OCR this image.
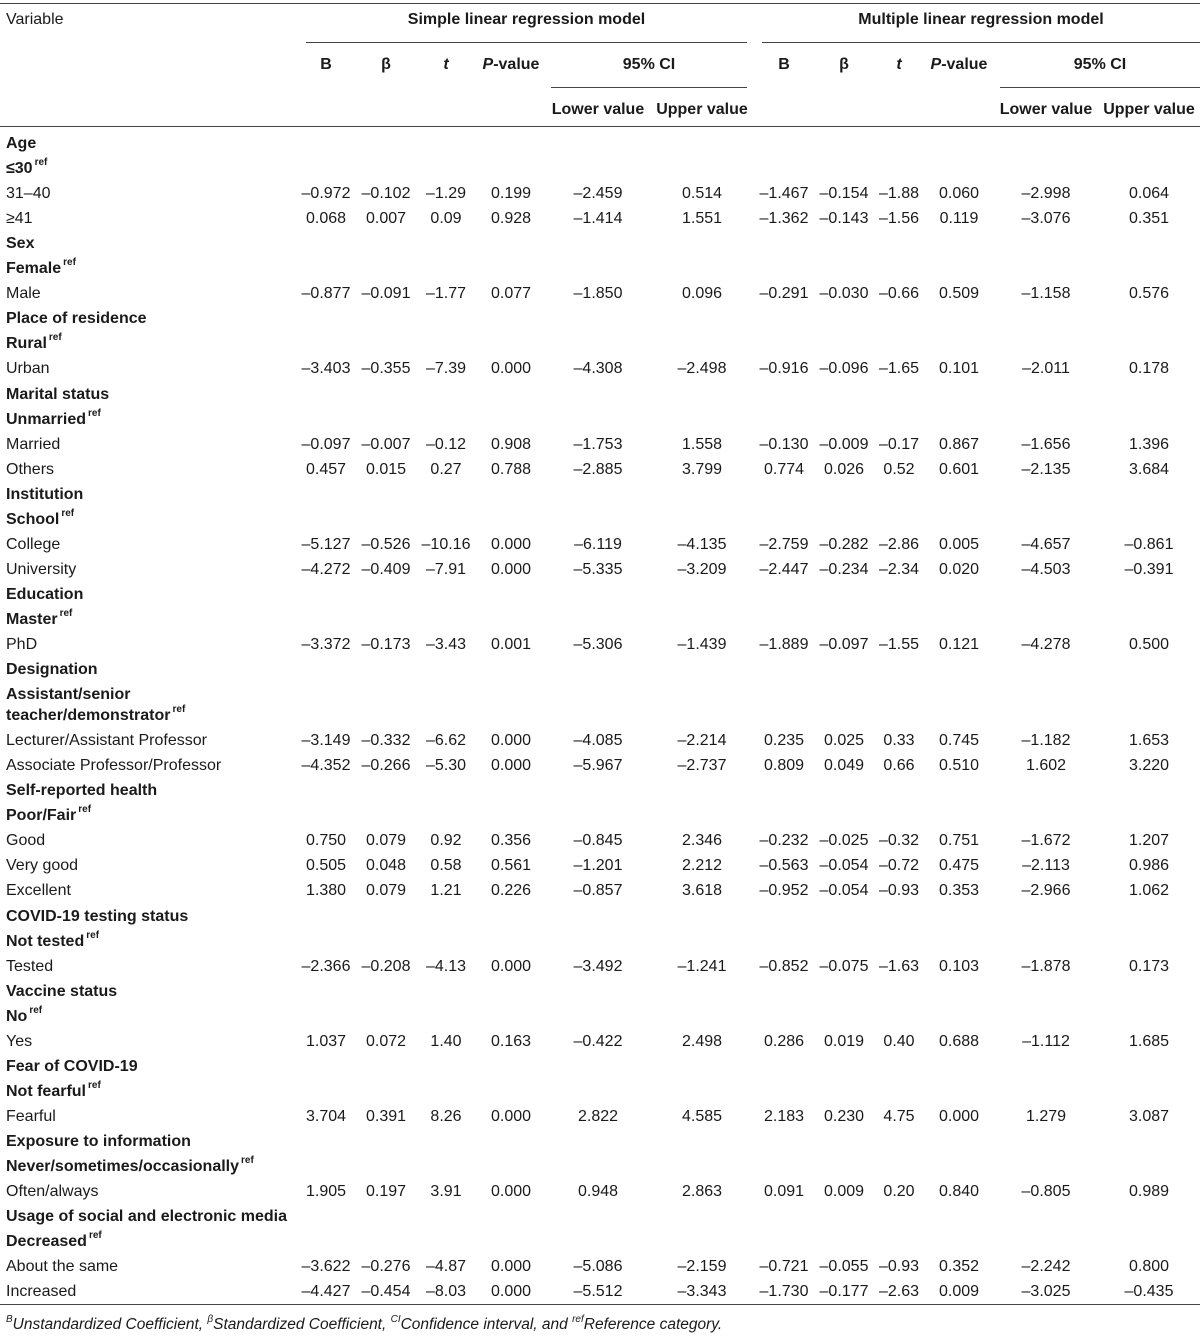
Variable	Simple linear regression model	Multiple linear regression model
B	β	t	P-value	95% CI
Lower value Upper value
B	β	t	P-value	95% CI
Lower value Upper value
Age
≤30 $^{ref}$
31–40	–0.972 –0.102 –1.29	0.199	–2.459	0.514	–1.467 –0.154 –1.88	0.060	–2.998	0.064
≥41	0.068	0.007	0.09	0.928	–1.414	1.551	–1.362 –0.143 –1.56	0.119	–3.076	0.351
Sex
Female $^{ref}$
Male	–0.877 –0.091 –1.77	0.077	–1.850	0.096	–0.291 –0.030 –0.66	0.509	–1.158	0.576
Place of residence
Rural $^{ref}$
Urban	–3.403 –0.355 –7.39	0.000	–4.308	–2.498	–0.916 –0.096 –1.65	0.101	–2.011	0.178
Marital status
Unmarried $^{ref}$
Married	–0.097 –0.007 –0.12	0.908	–1.753	1.558	–0.130 –0.009 –0.17	0.867	–1.656	1.396
Others	0.457	0.015	0.27	0.788	–2.885	3.799	0.774	0.026	0.52	0.601	–2.135	3.684
Institution
School $^{ref}$
College	–5.127 –0.526 –10.16	0.000	–6.119	–4.135	–2.759 –0.282 –2.86	0.005	–4.657	–0.861
University	–4.272 –0.409 –7.91	0.000	–5.335	–3.209	–2.447 –0.234 –2.34	0.020	–4.503	–0.391
Education
Master $^{ref}$
PhD	–3.372 –0.173 –3.43	0.001	–5.306	–1.439	–1.889 –0.097 –1.55	0.121	–4.278	0.500
Designation
Assistant/senior
teacher/demonstrator $^{ref}$
Lecturer/Assistant Professor	–3.149 –0.332 –6.62	0.000	–4.085	–2.214	0.235	0.025	0.33	0.745	–1.182	1.653
Associate Professor/Professor	–4.352 –0.266 –5.30	0.000	–5.967	–2.737	0.809	0.049	0.66	0.510	1.602	3.220
Self-reported health
Poor/Fair $^{ref}$
Good	0.750	0.079	0.92	0.356	–0.845	2.346	–0.232 –0.025 –0.32	0.751	–1.672	1.207
Very good	0.505	0.048	0.58	0.561	–1.201	2.212	–0.563 –0.054 –0.72	0.475	–2.113	0.986
Excellent	1.380	0.079	1.21	0.226	–0.857	3.618	–0.952 –0.054 –0.93	0.353	–2.966	1.062
COVID-19 testing status
Not tested $^{ref}$
Tested	–2.366 –0.208 –4.13	0.000	–3.492	–1.241	–0.852 –0.075 –1.63	0.103	–1.878	0.173
Vaccine status
No $^{ref}$
Yes	1.037	0.072	1.40	0.163	–0.422	2.498	0.286	0.019	0.40	0.688	–1.112	1.685
Fear of COVID-19
Not fearful $^{ref}$
Fearful	3.704	0.391	8.26	0.000	2.822	4.585	2.183	0.230	4.75	0.000	1.279	3.087
Exposure to information
Never/sometimes/occasionally $^{ref}$
Often/always	1.905	0.197	3.91	0.000	0.948	2.863	0.091	0.009	0.20	0.840	–0.805	0.989
Usage of social and electronic media
Decreased $^{ref}$
About the same	–3.622 –0.276 –4.87	0.000	–5.086	–2.159	–0.721 –0.055 –0.93	0.352	–2.242	0.800
Increased	–4.427 –0.454 –8.03	0.000	–5.512	–3.343	–1.730 –0.177 –2.63	0.009	–3.025	–0.435
$^B$Unstandardized Coefficient, $^\beta$Standardized Coefficient, $^{CI}$Confidence interval, and $^{ref}$Reference category.
